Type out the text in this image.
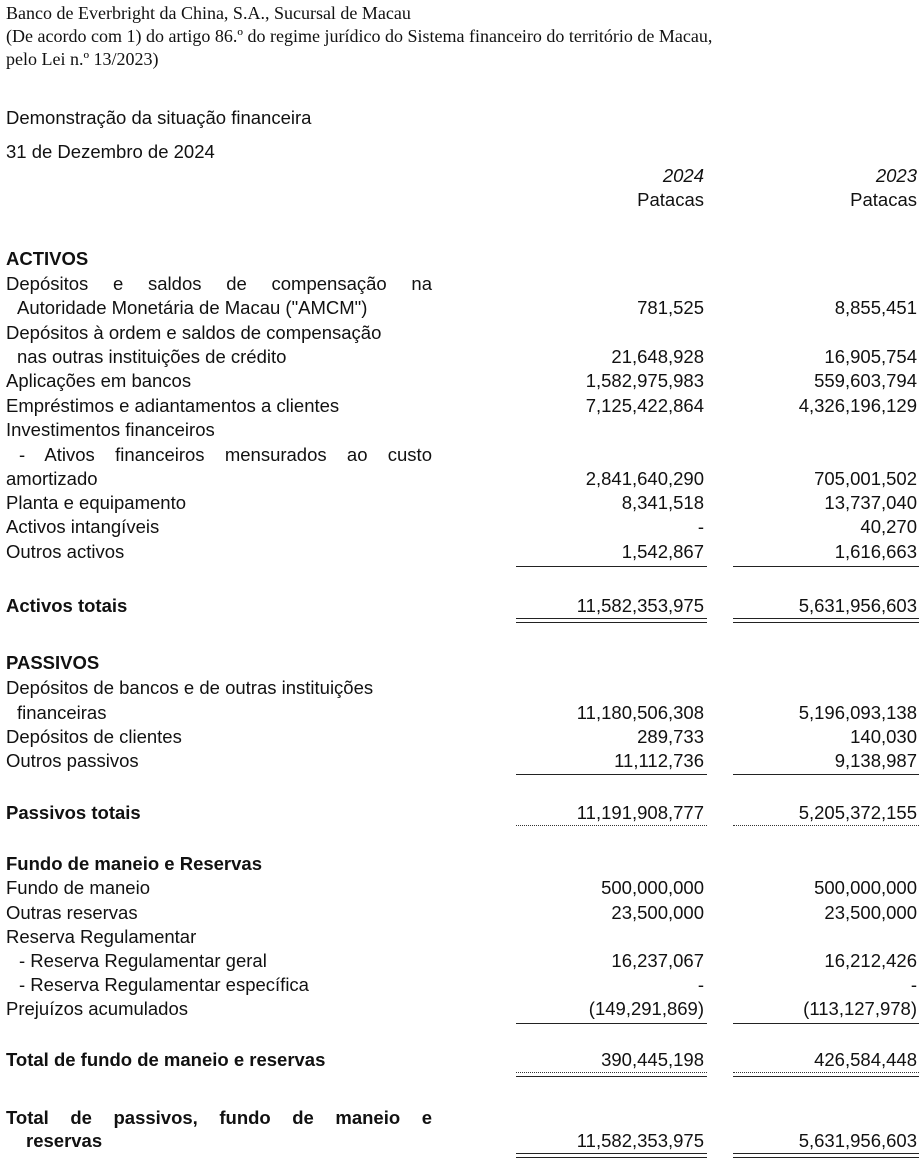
Banco de Everbright da China, S.A., Sucursal de Macau
(De acordo com 1) do artigo 86.º do regime jurídico do Sistema financeiro do território de Macau,
pelo Lei n.º 13/2023)
Demonstração da situação financeira
31 de Dezembro de 2024
2024	2023
Patacas	Patacas
ACTIVOS
Depósitos e saldos de compensação na
Autoridade Monetária de Macau ("AMCM")	781,525	8,855,451
Depósitos à ordem e saldos de compensação
nas outras instituições de crédito	21,648,928	16,905,754
Aplicações em bancos	1,582,975,983	559,603,794
Empréstimos e adiantamentos a clientes	7,125,422,864	4,326,196,129
Investimentos financeiros
- Ativos financeiros mensurados ao custo
amortizado	2,841,640,290	705,001,502
Planta e equipamento	8,341,518	13,737,040
Activos intangíveis	-	40,270
Outros activos	1,542,867	1,616,663
Activos totais	11,582,353,975	5,631,956,603
PASSIVOS
Depósitos de bancos e de outras instituições
financeiras	11,180,506,308	5,196,093,138
Depósitos de clientes	289,733	140,030
Outros passivos	11,112,736	9,138,987
Passivos totais	11,191,908,777	5,205,372,155
Fundo de maneio e Reservas
Fundo de maneio	500,000,000	500,000,000
Outras reservas	23,500,000	23,500,000
Reserva Regulamentar
- Reserva Regulamentar geral	16,237,067	16,212,426
- Reserva Regulamentar específica	-	-
Prejuízos acumulados	(149,291,869)	(113,127,978)
Total de fundo de maneio e reservas	390,445,198	426,584,448
Total de passivos, fundo de maneio e
reservas	11,582,353,975	5,631,956,603
